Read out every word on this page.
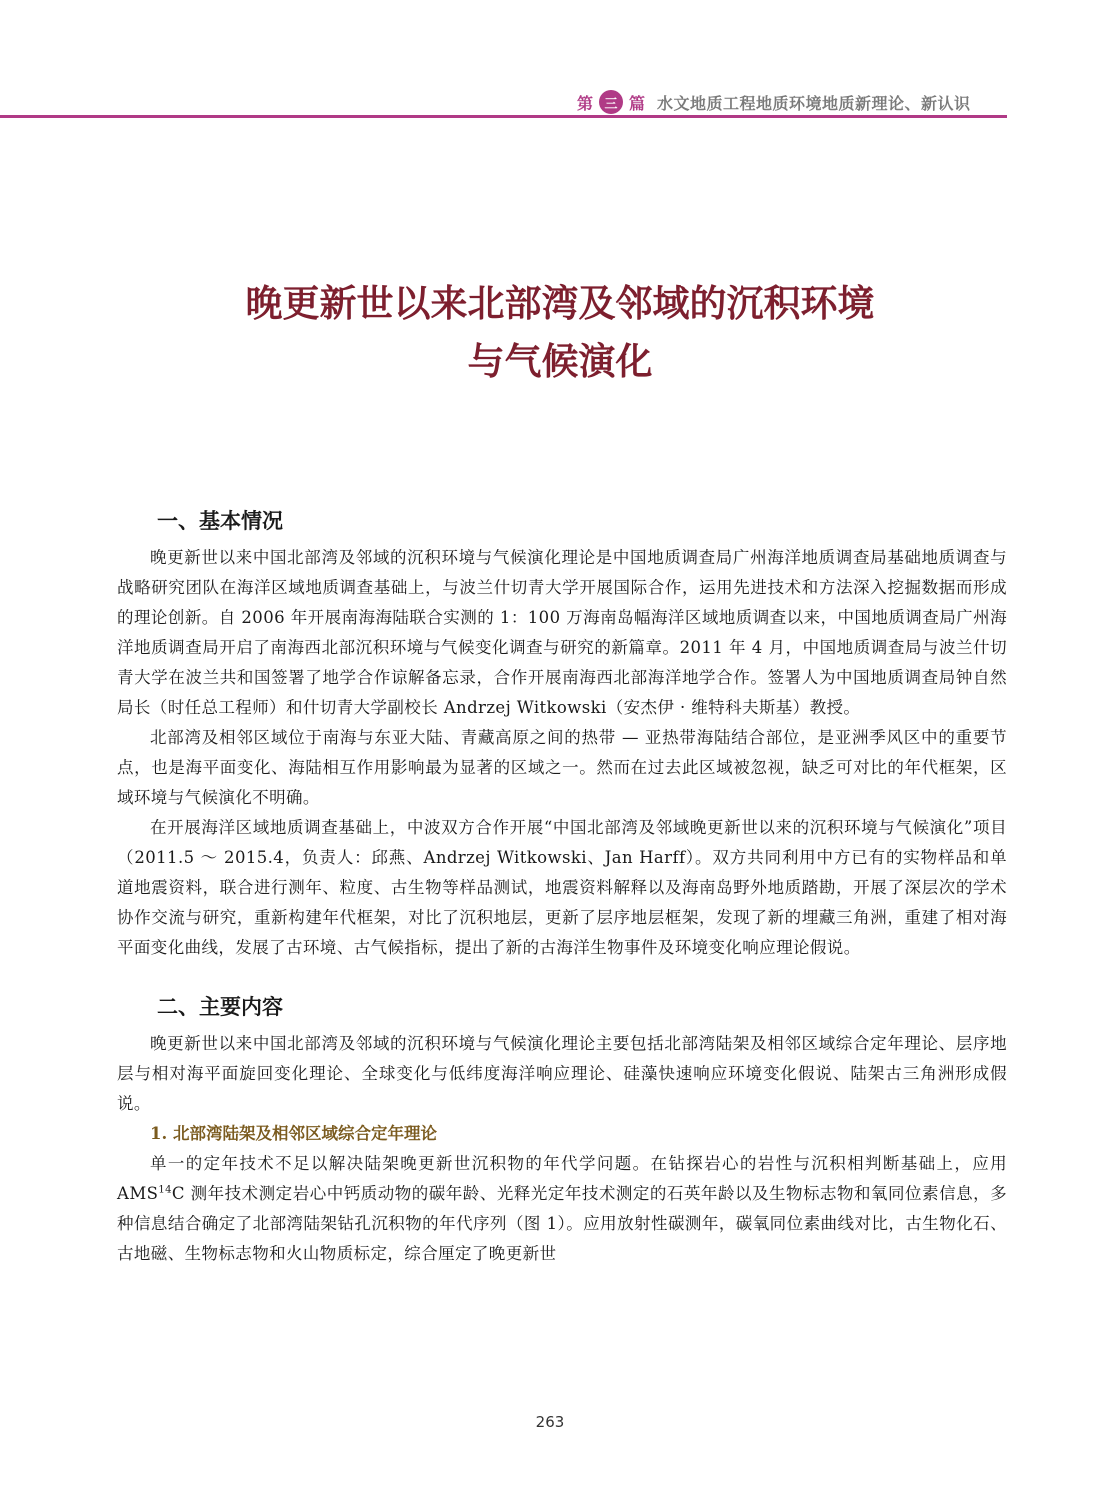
第 三 篇 水文地质工程地质环境地质新理论、新认识
晚更新世以来北部湾及邻域的沉积环境
与气候演化
一、基本情况

晚更新世以来中国北部湾及邻域的沉积环境与气候演化理论是中国地质调查局广州海洋地质调查局基础地质调查与战略研究团队在海洋区域地质调查基础上，与波兰什切青大学开展国际合作，运用先进技术和方法深入挖掘数据而形成的理论创新。自 2006 年开展南海海陆联合实测的 1：100 万海南岛幅海洋区域地质调查以来，中国地质调查局广州海洋地质调查局开启了南海西北部沉积环境与气候变化调查与研究的新篇章。2011 年 4 月，中国地质调查局与波兰什切青大学在波兰共和国签署了地学合作谅解备忘录，合作开展南海西北部海洋地学合作。签署人为中国地质调查局钟自然局长（时任总工程师）和什切青大学副校长 Andrzej Witkowski（安杰伊 · 维特科夫斯基）教授。

北部湾及相邻区域位于南海与东亚大陆、青藏高原之间的热带 — 亚热带海陆结合部位，是亚洲季风区中的重要节点，也是海平面变化、海陆相互作用影响最为显著的区域之一。然而在过去此区域被忽视，缺乏可对比的年代框架，区域环境与气候演化不明确。

在开展海洋区域地质调查基础上，中波双方合作开展“中国北部湾及邻域晚更新世以来的沉积环境与气候演化”项目（2011.5 ～ 2015.4，负责人：邱燕、Andrzej Witkowski、Jan Harff）。双方共同利用中方已有的实物样品和单道地震资料，联合进行测年、粒度、古生物等样品测试，地震资料解释以及海南岛野外地质踏勘，开展了深层次的学术协作交流与研究，重新构建年代框架，对比了沉积地层，更新了层序地层框架，发现了新的埋藏三角洲，重建了相对海平面变化曲线，发展了古环境、古气候指标，提出了新的古海洋生物事件及环境变化响应理论假说。

二、主要内容

晚更新世以来中国北部湾及邻域的沉积环境与气候演化理论主要包括北部湾陆架及相邻区域综合定年理论、层序地层与相对海平面旋回变化理论、全球变化与低纬度海洋响应理论、硅藻快速响应环境变化假说、陆架古三角洲形成假说。

1. 北部湾陆架及相邻区域综合定年理论

单一的定年技术不足以解决陆架晚更新世沉积物的年代学问题。在钻探岩心的岩性与沉积相判断基础上，应用 AMS$^{14}$C 测年技术测定岩心中钙质动物的碳年龄、光释光定年技术测定的石英年龄以及生物标志物和氧同位素信息，多种信息结合确定了北部湾陆架钻孔沉积物的年代序列（图 1）。应用放射性碳测年，碳氧同位素曲线对比，古生物化石、古地磁、生物标志物和火山物质标定，综合厘定了晚更新世

263
